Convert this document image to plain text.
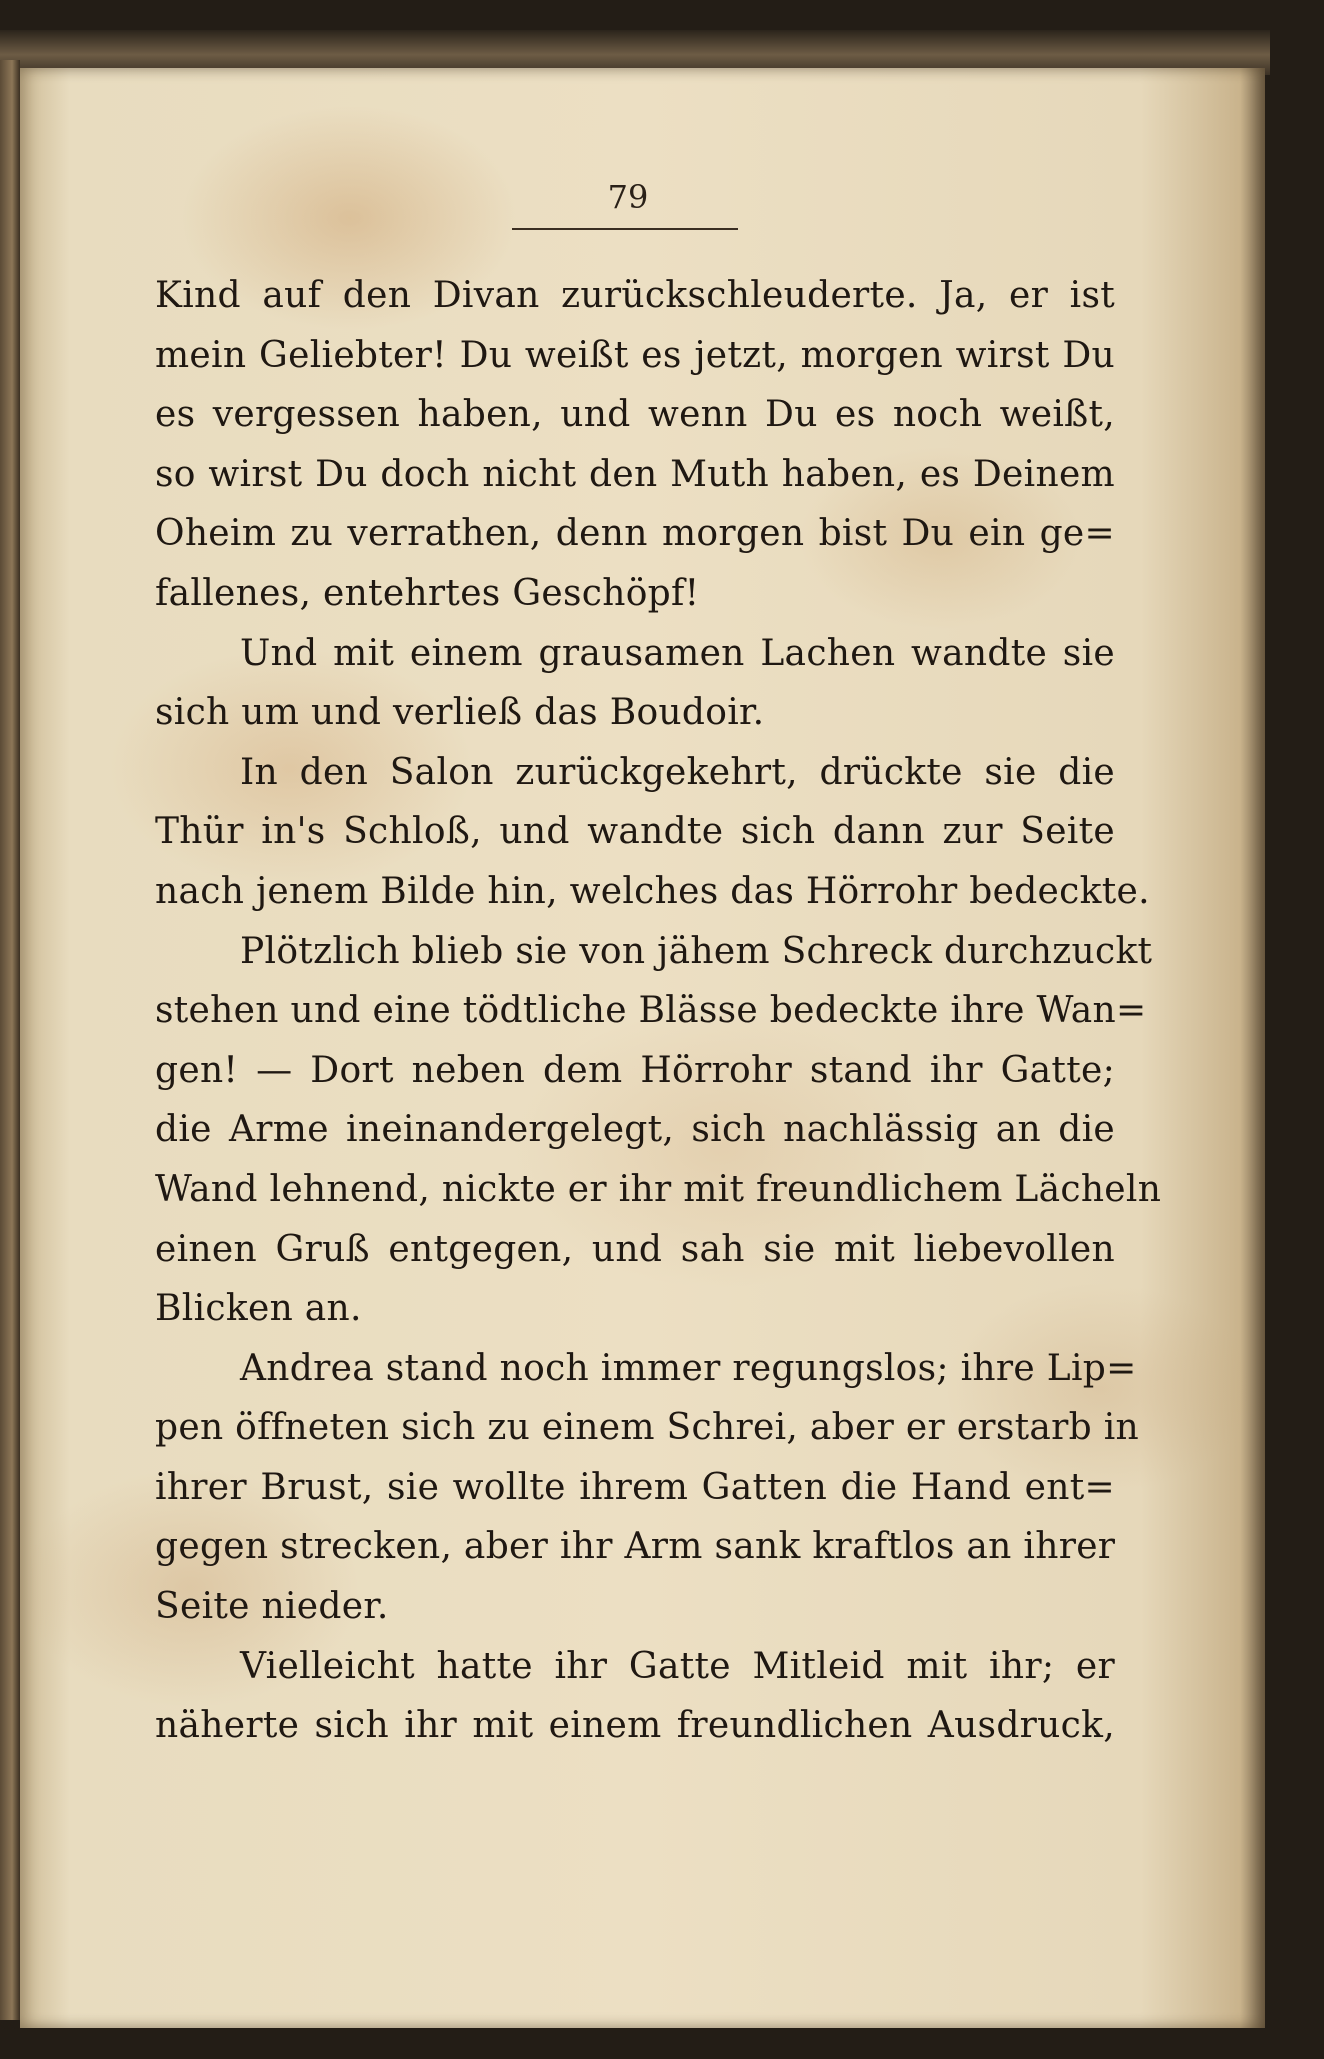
79
Kind auf den Divan zurückschleuderte. Ja, er ist
mein Geliebter! Du weißt es jetzt, morgen wirst Du
es vergessen haben, und wenn Du es noch weißt,
so wirst Du doch nicht den Muth haben, es Deinem
Oheim zu verrathen, denn morgen bist Du ein ge=
fallenes, entehrtes Geschöpf!
Und mit einem grausamen Lachen wandte sie
sich um und verließ das Boudoir.
In den Salon zurückgekehrt, drückte sie die
Thür in's Schloß, und wandte sich dann zur Seite
nach jenem Bilde hin, welches das Hörrohr bedeckte.
Plötzlich blieb sie von jähem Schreck durchzuckt
stehen und eine tödtliche Blässe bedeckte ihre Wan=
gen! — Dort neben dem Hörrohr stand ihr Gatte;
die Arme ineinandergelegt, sich nachlässig an die
Wand lehnend, nickte er ihr mit freundlichem Lächeln
einen Gruß entgegen, und sah sie mit liebevollen
Blicken an.
Andrea stand noch immer regungslos; ihre Lip=
pen öffneten sich zu einem Schrei, aber er erstarb in
ihrer Brust, sie wollte ihrem Gatten die Hand ent=
gegen strecken, aber ihr Arm sank kraftlos an ihrer
Seite nieder.
Vielleicht hatte ihr Gatte Mitleid mit ihr; er
näherte sich ihr mit einem freundlichen Ausdruck,
